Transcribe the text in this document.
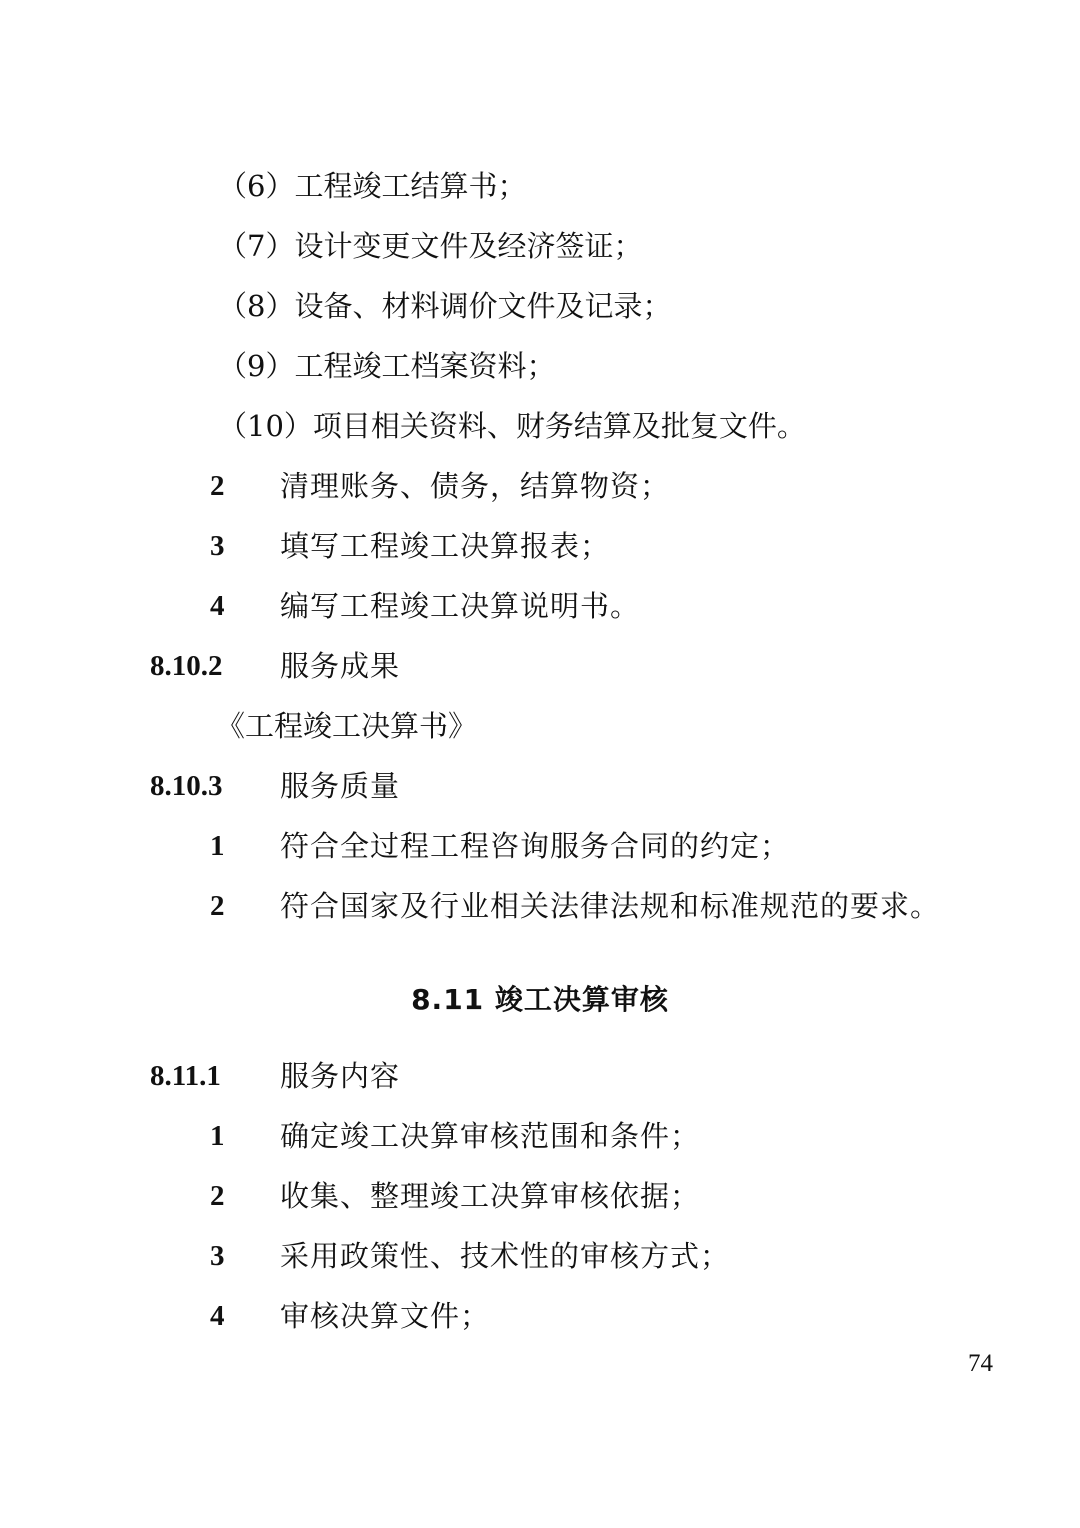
（6）工程竣工结算书；
（7）设计变更文件及经济签证；
（8）设备、材料调价文件及记录；
（9）工程竣工档案资料；
（10）项目相关资料、财务结算及批复文件。
2 清理账务、债务，结算物资；
3 填写工程竣工决算报表；
4 编写工程竣工决算说明书。
8.10.2 服务成果
《工程竣工决算书》
8.10.3 服务质量
1 符合全过程工程咨询服务合同的约定；
2 符合国家及行业相关法律法规和标准规范的要求。
8.11 竣工决算审核
8.11.1 服务内容
1 确定竣工决算审核范围和条件；
2 收集、整理竣工决算审核依据；
3 采用政策性、技术性的审核方式；
4 审核决算文件；
74
